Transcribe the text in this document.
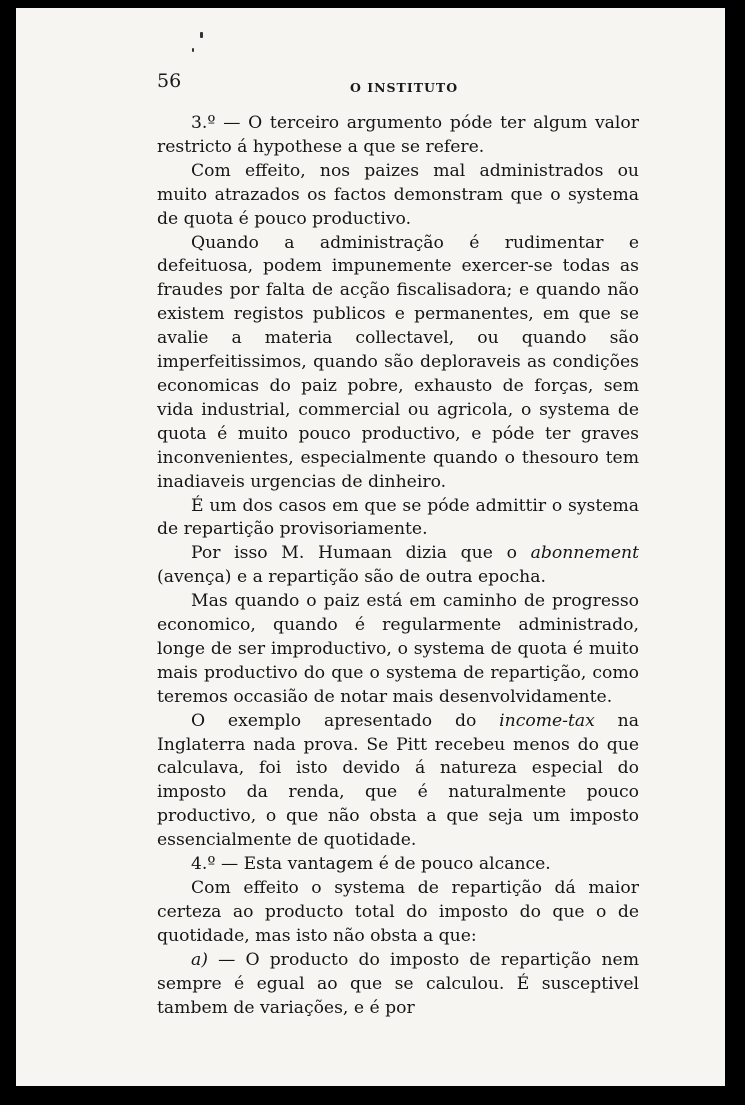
56	O INSTITUTO

3.º — O terceiro argumento póde ter algum valor restricto á hypothese a que se refere.

Com effeito, nos paizes mal administrados ou muito atrazados os factos demonstram que o systema de quota é pouco productivo.

Quando a administração é rudimentar e defeituosa, podem impunemente exercer-se todas as fraudes por falta de acção fiscalisadora; e quando não existem registos publicos e permanentes, em que se avalie a materia collectavel, ou quando são imperfeitissimos, quando são deploraveis as condições economicas do paiz pobre, exhausto de forças, sem vida industrial, commercial ou agricola, o systema de quota é muito pouco productivo, e póde ter graves inconvenientes, especialmente quando o thesouro tem inadiaveis urgencias de dinheiro.

É um dos casos em que se póde admittir o systema de repartição provisoriamente.

Por isso M. Humaan dizia que o abonnement (avença) e a repartição são de outra epocha.

Mas quando o paiz está em caminho de progresso economico, quando é regularmente administrado, longe de ser improductivo, o systema de quota é muito mais productivo do que o systema de repartição, como teremos occasião de notar mais desenvolvidamente.

O exemplo apresentado do income-tax na Inglaterra nada prova. Se Pitt recebeu menos do que calculava, foi isto devido á natureza especial do imposto da renda, que é naturalmente pouco productivo, o que não obsta a que seja um imposto essencialmente de quotidade.

4.º — Esta vantagem é de pouco alcance.

Com effeito o systema de repartição dá maior certeza ao producto total do imposto do que o de quotidade, mas isto não obsta a que:

a) — O producto do imposto de repartição nem sempre é egual ao que se calculou. É susceptivel tambem de variações, e é por
